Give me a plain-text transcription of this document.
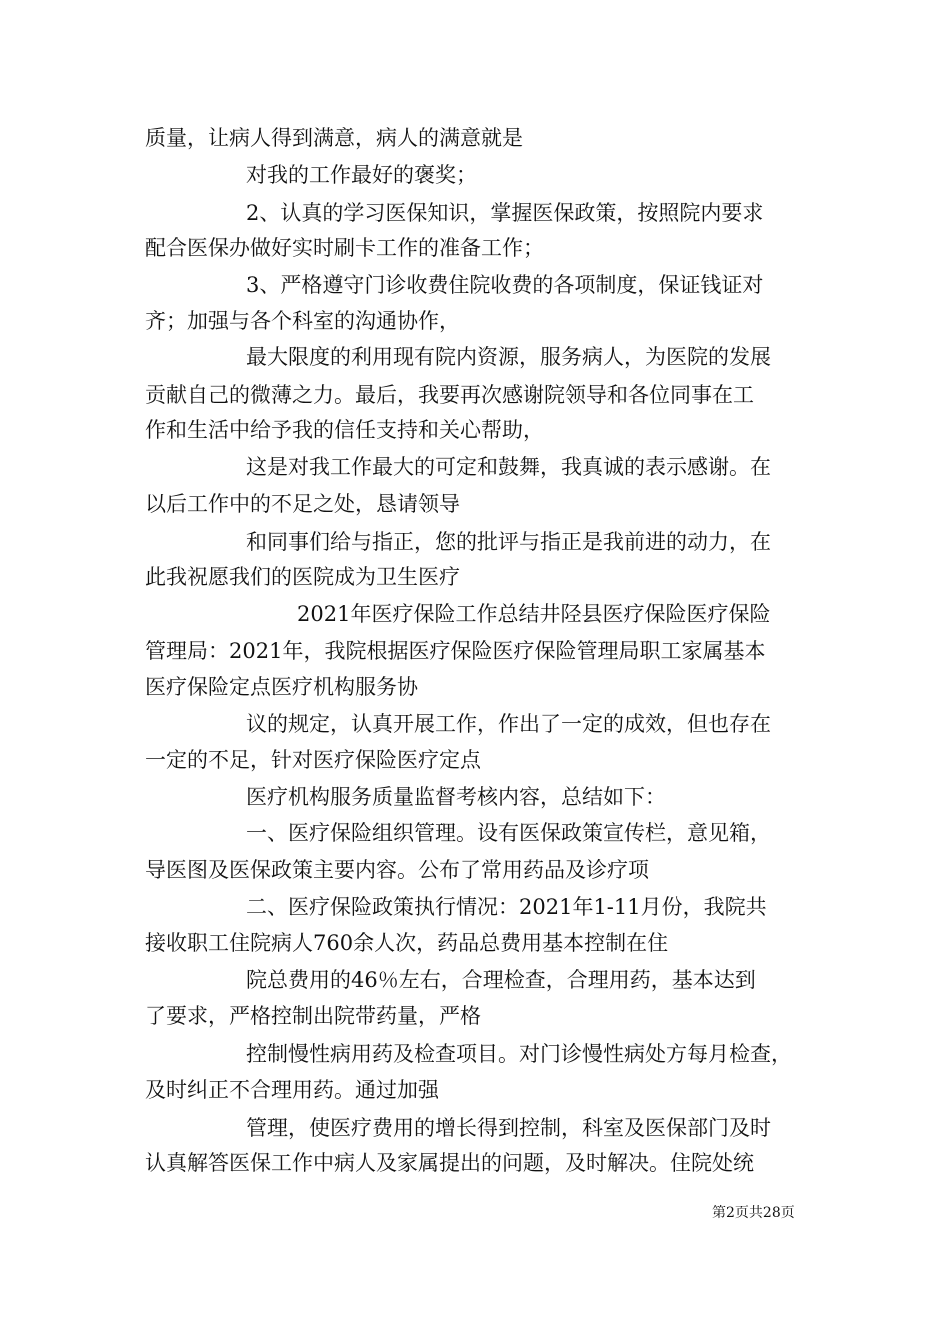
质量，让病人得到满意，病人的满意就是
对我的工作最好的褒奖；
2、认真的学习医保知识，掌握医保政策，按照院内要求
配合医保办做好实时刷卡工作的准备工作；
3、严格遵守门诊收费住院收费的各项制度，保证钱证对
齐；加强与各个科室的沟通协作，
最大限度的利用现有院内资源，服务病人，为医院的发展
贡献自己的微薄之力。最后，我要再次感谢院领导和各位同事在工
作和生活中给予我的信任支持和关心帮助，
这是对我工作最大的可定和鼓舞，我真诚的表示感谢。在
以后工作中的不足之处，恳请领导
和同事们给与指正，您的批评与指正是我前进的动力，在
此我祝愿我们的医院成为卫生医疗
2021年医疗保险工作总结井陉县医疗保险医疗保险
管理局：2021年，我院根据医疗保险医疗保险管理局职工家属基本
医疗保险定点医疗机构服务协
议的规定，认真开展工作，作出了一定的成效，但也存在
一定的不足，针对医疗保险医疗定点
医疗机构服务质量监督考核内容，总结如下：
一、医疗保险组织管理。设有医保政策宣传栏，意见箱，
导医图及医保政策主要内容。公布了常用药品及诊疗项
二、医疗保险政策执行情况：2021年1-11月份，我院共
接收职工住院病人760余人次，药品总费用基本控制在住
院总费用的46％左右，合理检查，合理用药，基本达到
了要求，严格控制出院带药量，严格
控制慢性病用药及检查项目。对门诊慢性病处方每月检查，
及时纠正不合理用药。通过加强
管理，使医疗费用的增长得到控制，科室及医保部门及时
认真解答医保工作中病人及家属提出的问题，及时解决。住院处统
第2页共28页
